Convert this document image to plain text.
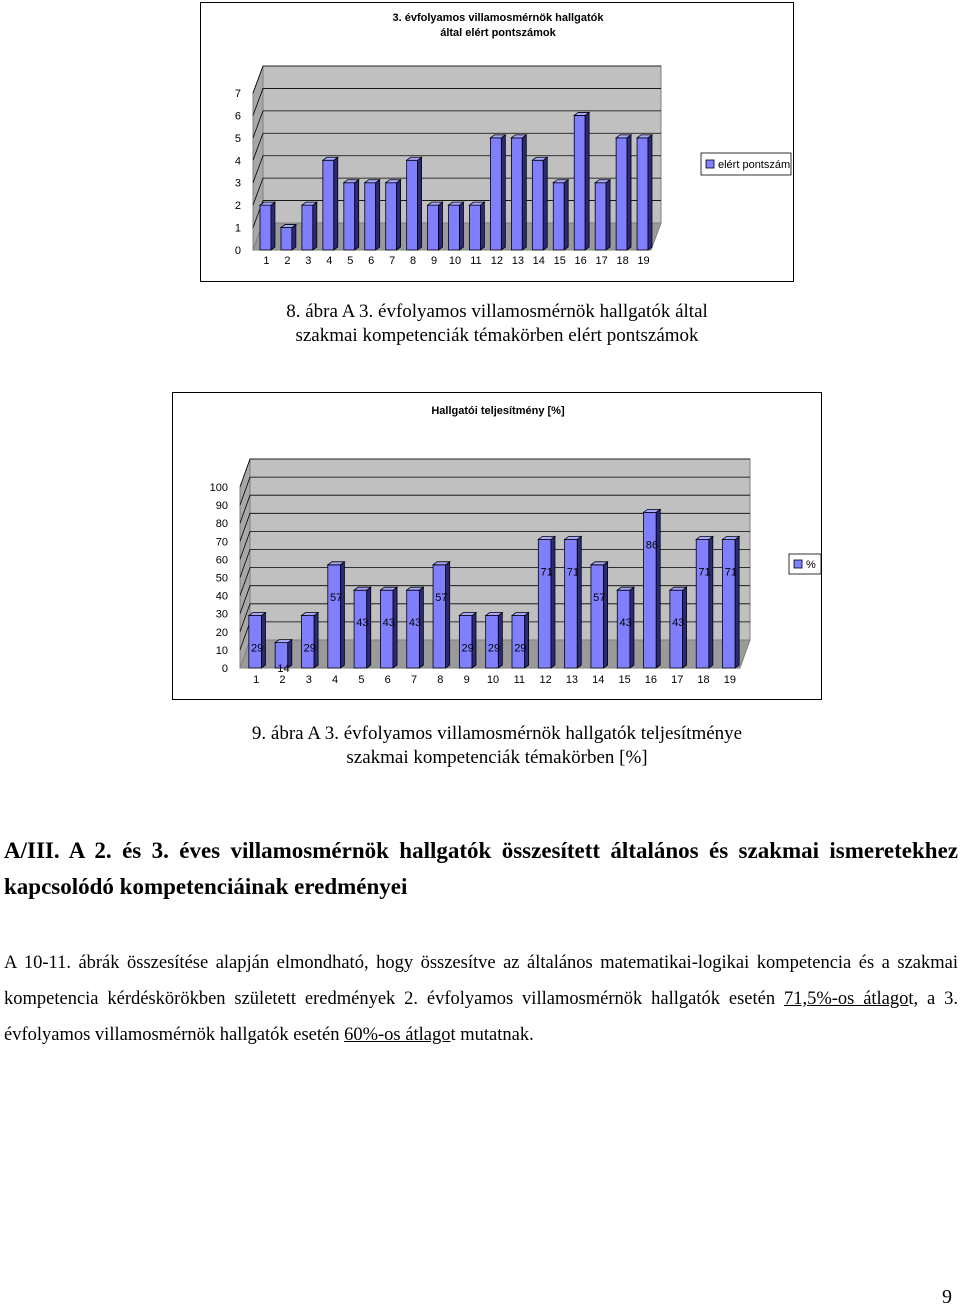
3. évfolyamos villamosmérnök hallgatók
által elért pontszámok
0
1
2
3
4
5
6
7
1 2 3 4 5 6 7 8 9 10 11 12 13 14 15 16 17 18 19
elért pontszám
8. ábra A 3. évfolyamos villamosmérnök hallgatók által
szakmai kompetenciák témakörben elért pontszámok
Hallgatói teljesítmény [%]
0
10
20
30
40
50
60
70
80
90
100
1
29
2
14
3
29
4
57
5
43
6
43
7
43
8
57
9
29
10
29
11
29
12
71
13
71
14
57
15
43
16
86
17
43
18
71
19
71
%
9. ábra A 3. évfolyamos villamosmérnök hallgatók teljesítménye
szakmai kompetenciák témakörben [%]
A/III. A 2. és 3. éves villamosmérnök hallgatók összesített általános és szakmai ismeretekhez kapcsolódó kompetenciáinak eredményei
A 10-11. ábrák összesítése alapján elmondható, hogy összesítve az általános matematikai-logikai kompetencia és a szakmai kompetencia kérdéskörökben született eredmények 2. évfolyamos villamosmérnök hallgatók esetén 71,5%-os átlagot, a 3. évfolyamos villamosmérnök hallgatók esetén 60%-os átlagot mutatnak.
9
